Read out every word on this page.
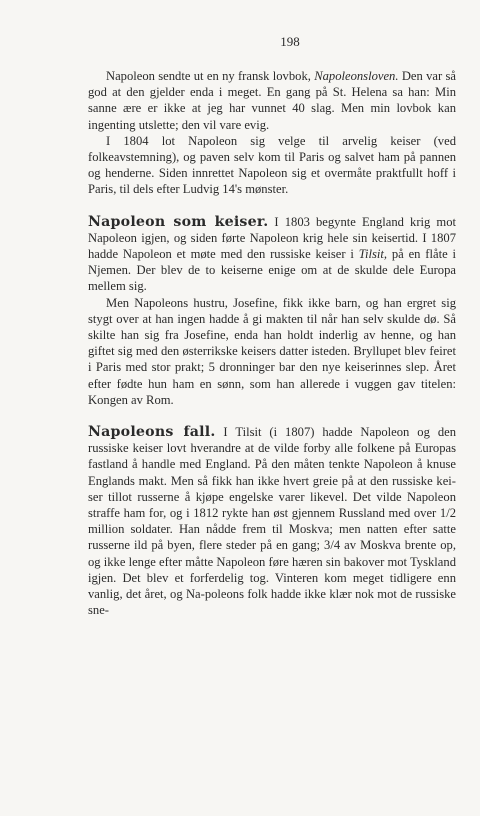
198

Napoleon sendte ut en ny fransk lovbok, Napoleonsloven. Den var så god at den gjelder enda i meget. En gang på St. Helena sa han: Min sanne ære er ikke at jeg har vunnet 40 slag. Men min lovbok kan ingenting utslette; den vil vare evig.

I 1804 lot Napoleon sig velge til arvelig keiser (ved folkeavstemning), og paven selv kom til Paris og salvet ham på pannen og henderne. Siden innrettet Napoleon sig et overmåte praktfullt hoff i Paris, til dels efter Ludvig 14's mønster.

Napoleon som keiser. I 1803 begynte England krig mot Napoleon igjen, og siden førte Napoleon krig hele sin keisertid. I 1807 hadde Napoleon et møte med den russiske keiser i Tilsit, på en flåte i Njemen. Der blev de to keiserne enige om at de skulde dele Europa mellem sig.

Men Napoleons hustru, Josefine, fikk ikke barn, og han ergret sig stygt over at han ingen hadde å gi makten til når han selv skulde dø. Så skilte han sig fra Josefine, enda han holdt inderlig av henne, og han giftet sig med den østerrikske keisers datter isteden. Bryllupet blev feiret i Paris med stor prakt; 5 dronninger bar den nye keiserinnes slep. Året efter fødte hun ham en sønn, som han allerede i vuggen gav titelen: Kongen av Rom.

Napoleons fall. I Tilsit (i 1807) hadde Napoleon og den russiske keiser lovt hverandre at de vilde forby alle folkene på Europas fastland å handle med England. På den måten tenkte Napoleon å knuse Englands makt. Men så fikk han ikke hvert greie på at den russiske kei-ser tillot russerne å kjøpe engelske varer likevel. Det vilde Napoleon straffe ham for, og i 1812 rykte han øst gjennem Russland med over 1/2 million soldater. Han nådde frem til Moskva; men natten efter satte russerne ild på byen, flere steder på en gang; 3/4 av Moskva brente op, og ikke lenge efter måtte Napoleon føre hæren sin bakover mot Tyskland igjen. Det blev et forferdelig tog. Vinteren kom meget tidligere enn vanlig, det året, og Na-poleons folk hadde ikke klær nok mot de russiske sne-
